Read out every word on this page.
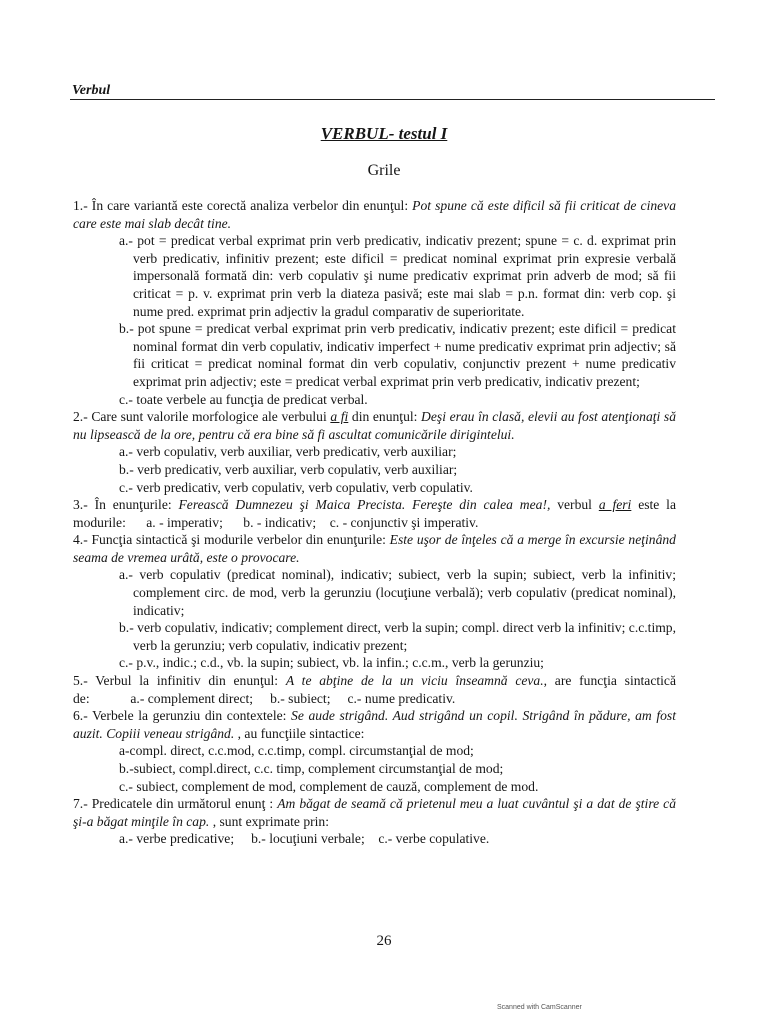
Verbul
VERBUL- testul I
Grile
1.- În care variantă este corectă analiza verbelor din enunţul: Pot spune că este dificil să fii criticat de cineva care este mai slab decât tine.
a.- pot = predicat verbal exprimat prin verb predicativ, indicativ prezent; spune = c. d. exprimat prin verb predicativ, infinitiv prezent; este dificil = predicat nominal exprimat prin expresie verbală impersonală formată din: verb copulativ şi nume predicativ exprimat prin adverb de mod; să fii criticat = p. v. exprimat prin verb la diateza pasivă; este mai slab = p.n. format din: verb cop. şi nume pred. exprimat prin adjectiv la gradul comparativ de superioritate.
b.- pot spune = predicat verbal exprimat prin verb predicativ, indicativ prezent; este dificil = predicat nominal format din verb copulativ, indicativ imperfect + nume predicativ exprimat prin adjectiv; să fii criticat = predicat nominal format din verb copulativ, conjunctiv prezent + nume predicativ exprimat prin adjectiv; este = predicat verbal exprimat prin verb predicativ, indicativ prezent;
c.- toate verbele au funcţia de predicat verbal.
2.- Care sunt valorile morfologice ale verbului a fi din enunţul: Deşi erau în clasă, elevii au fost atenţionaţi să nu lipsească de la ore, pentru că era bine să fi ascultat comunicările dirigintelui.
a.- verb copulativ, verb auxiliar, verb predicativ, verb auxiliar;
b.- verb predicativ, verb auxiliar, verb copulativ, verb auxiliar;
c.- verb predicativ, verb copulativ, verb copulativ, verb copulativ.
3.- În enunţurile: Ferească Dumnezeu şi Maica Precista. Fereşte din calea mea!, verbul a feri este la modurile: a. - imperativ; b. - indicativ; c. - conjunctiv şi imperativ.
4.- Funcţia sintactică şi modurile verbelor din enunţurile: Este uşor de înţeles că a merge în excursie neţinând seama de vremea urâtă, este o provocare.
a.- verb copulativ (predicat nominal), indicativ; subiect, verb la supin; subiect, verb la infinitiv; complement circ. de mod, verb la gerunziu (locuţiune verbală); verb copulativ (predicat nominal), indicativ;
b.- verb copulativ, indicativ; complement direct, verb la supin; compl. direct verb la infinitiv; c.c.timp, verb la gerunziu; verb copulativ, indicativ prezent;
c.- p.v., indic.; c.d., vb. la supin; subiect, vb. la infin.; c.c.m., verb la gerunziu;
5.- Verbul la infinitiv din enunţul: A te abţine de la un viciu înseamnă ceva., are funcţia sintactică de:	a.- complement direct; b.- subiect; c.- nume predicativ.
6.- Verbele la gerunziu din contextele: Se aude strigând. Aud strigând un copil. Strigând în pădure, am fost auzit. Copiii veneau strigând. , au funcţiile sintactice:
a-compl. direct, c.c.mod, c.c.timp, compl. circumstanţial de mod;
b.-subiect, compl.direct, c.c. timp, complement circumstanţial de mod;
c.- subiect, complement de mod, complement de cauză, complement de mod.
7.- Predicatele din următorul enunţ : Am băgat de seamă că prietenul meu a luat cuvântul şi a dat de ştire că şi-a băgat minţile în cap. , sunt exprimate prin:
a.- verbe predicative; b.- locuţiuni verbale; c.- verbe copulative.
26
Scanned with CamScanner
